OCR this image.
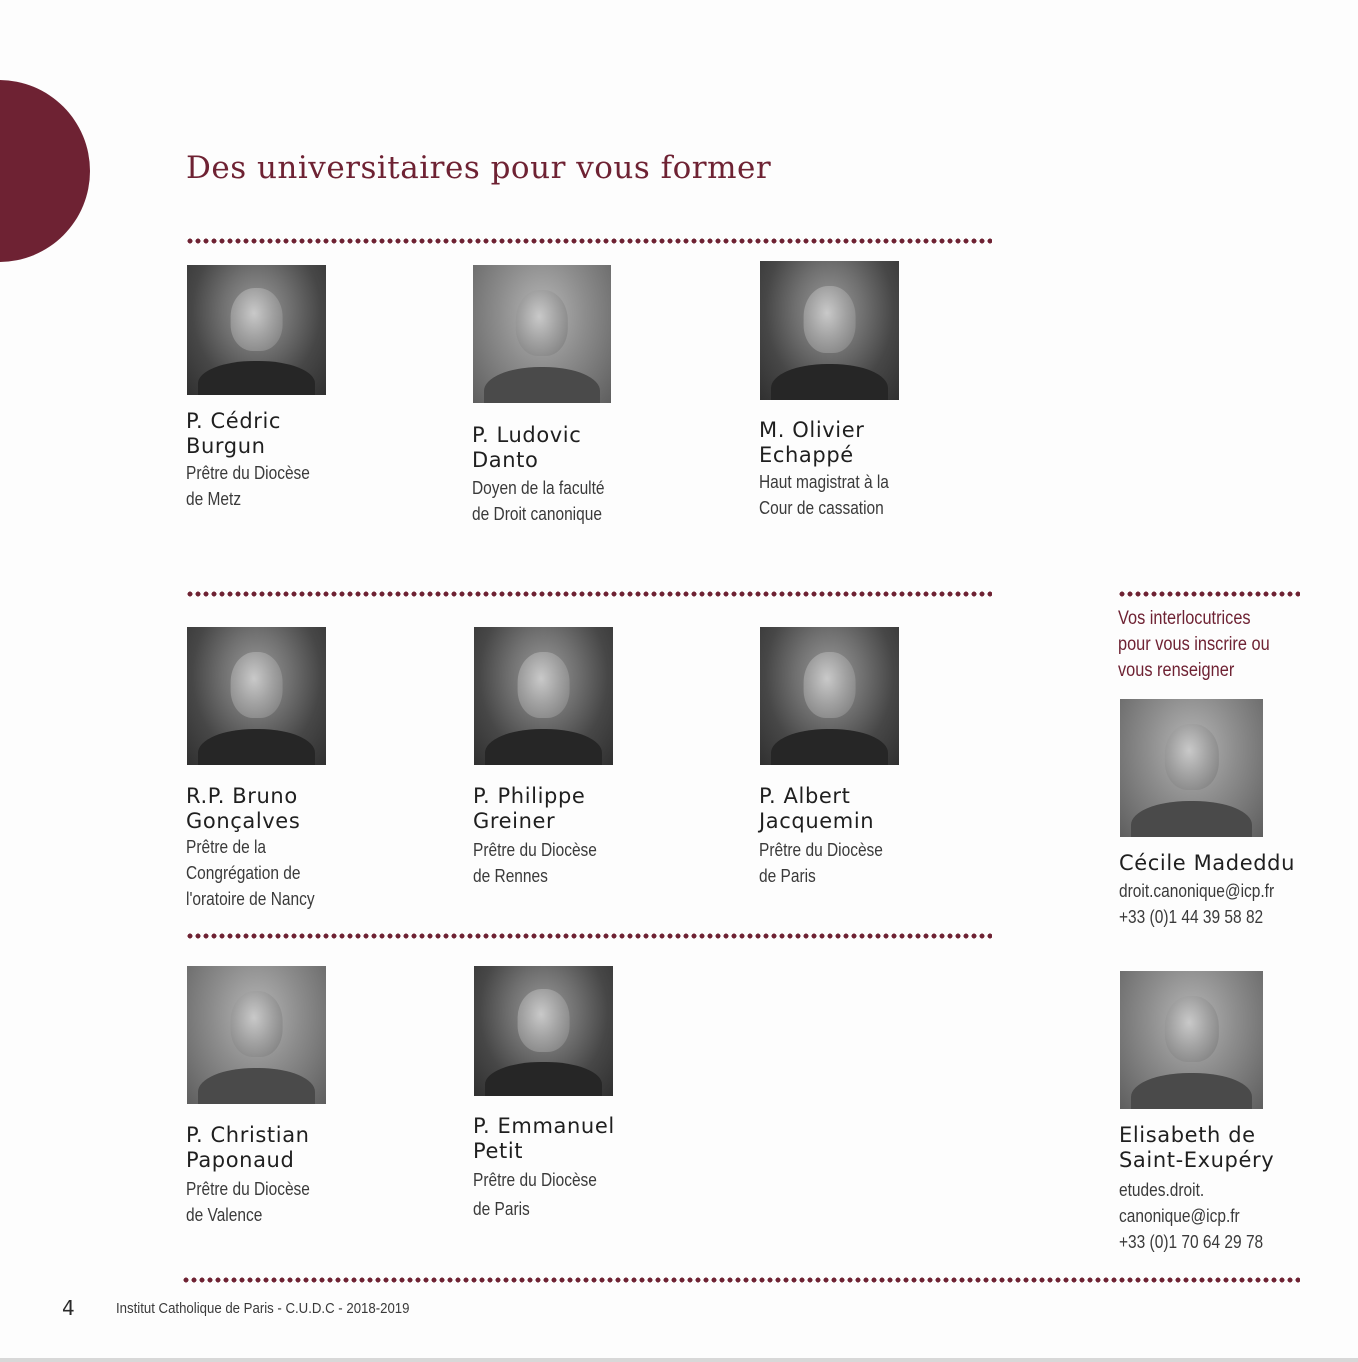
Des universitaires pour vous former
P. Cédric
Burgun
Prêtre du Diocèse
de Metz
P. Ludovic
Danto
Doyen de la faculté
de Droit canonique
M. Olivier
Echappé
Haut magistrat à la
Cour de cassation
R.P. Bruno
Gonçalves
Prêtre de la
Congrégation de
l'oratoire de Nancy
P. Philippe
Greiner
Prêtre du Diocèse
de Rennes
P. Albert
Jacquemin
Prêtre du Diocèse
de Paris
P. Christian
Paponaud
Prêtre du Diocèse
de Valence
P. Emmanuel
Petit
Prêtre du Diocèse
de Paris
Vos interlocutrices
pour vous inscrire ou
vous renseigner
Cécile Madeddu
droit.canonique@icp.fr
+33 (0)1 44 39 58 82
Elisabeth de
Saint-Exupéry
etudes.droit.
canonique@icp.fr
+33 (0)1 70 64 29 78
4	Institut Catholique de Paris - C.U.D.C - 2018-2019
